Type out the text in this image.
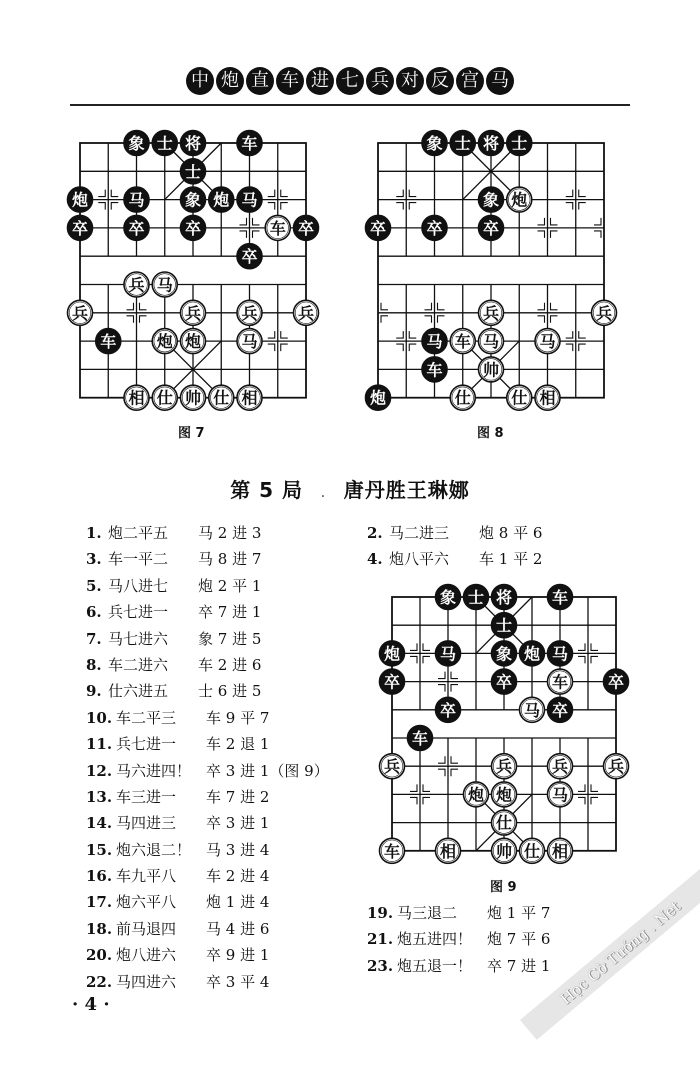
中 炮 直 车 进 七 兵 对 反 宫 马
象 士 将	车
士
炮	马	象 炮 马
卒	卒	卒	车 卒
卒
兵 马
兵	兵	兵	兵
车	炮 炮	马
相 仕 帅 仕 相
图 7
象 士 将 士
象 炮
卒	卒	卒
兵	兵
马 车 马	马
车	帅
炮	仕	仕 相
图 8
第 5 局 . 唐丹胜王琳娜
1. 炮二平五 马 2 进 3
3. 车一平二 马 8 进 7
5. 马八进七 炮 2 平 1
6. 兵七进一 卒 7 进 1
7. 马七进六 象 7 进 5
8. 车二进六 车 2 进 6
9. 仕六进五 士 6 进 5
10. 车二平三 车 9 平 7
11. 兵七进一 车 2 退 1
12. 马六进四！ 卒 3 进 1（图 9）
13. 车三进一 车 7 进 2
14. 马四进三 卒 3 进 1
15. 炮六退二！ 马 3 进 4
16. 车九平八 车 2 进 4
17. 炮六平八 炮 1 进 4
18. 前马退四 马 4 进 6
20. 炮八进六 卒 9 进 1
22. 马四进六 卒 3 平 4
2. 马二进三 炮 8 平 6
4. 炮八平六 车 1 平 2
象 士 将 车
士
炮 马 象 炮 马
卒	卒 车 卒
卒	马 卒
车
兵	兵 兵 兵
炮 炮 马
仕
车 相 帅 仕 相
图 9
19. 马三退二 炮 1 平 7
21. 炮五进四！ 炮 7 平 6
23. 炮五退一！ 卒 7 进 1
· 4 ·	Học Cờ Tướng . Net
